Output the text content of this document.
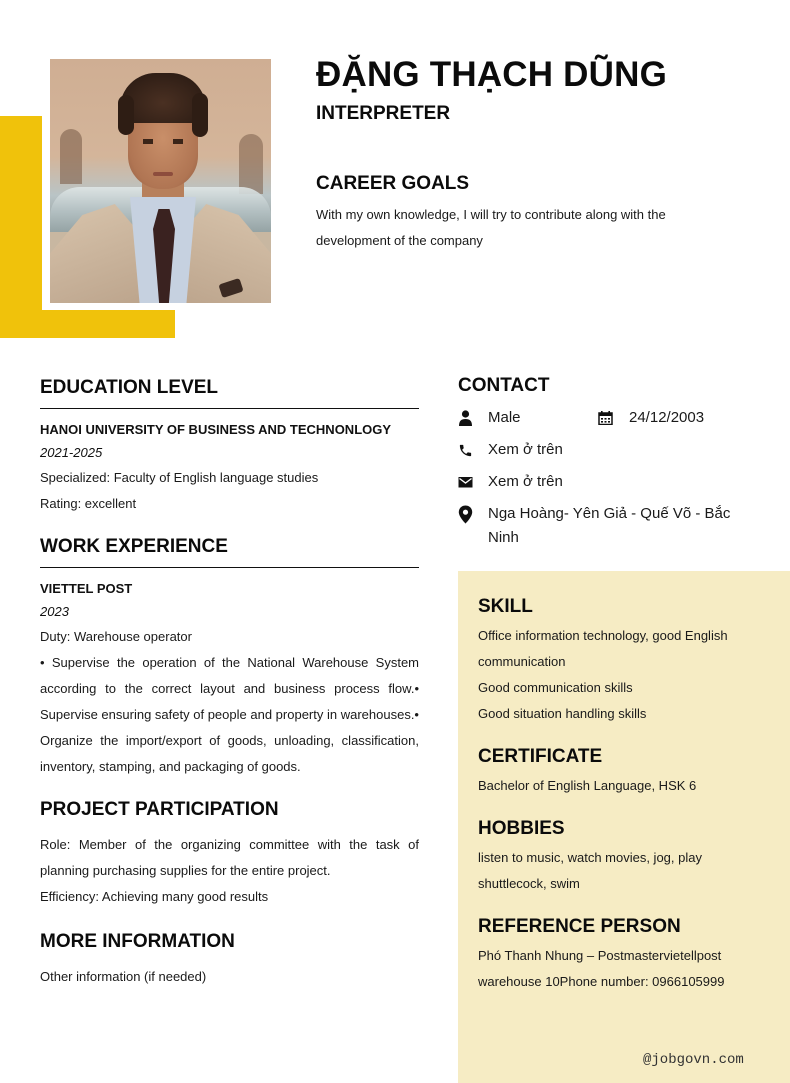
ĐẶNG THẠCH DŨNG
INTERPRETER
CAREER GOALS
With my own knowledge, I will try to contribute along with the development of the company
EDUCATION LEVEL
HANOI UNIVERSITY OF BUSINESS AND TECHNONLOGY
2021-2025
Specialized: Faculty of English language studies
Rating: excellent
WORK EXPERIENCE
VIETTEL POST
2023
Duty: Warehouse operator
• Supervise the operation of the National Warehouse System according to the correct layout and business process flow.• Supervise ensuring safety of people and property in warehouses.• Organize the import/export of goods, unloading, classification, inventory, stamping, and packaging of goods.
PROJECT PARTICIPATION
Role: Member of the organizing committee with the task of planning purchasing supplies for the entire project.
Efficiency: Achieving many good results
MORE INFORMATION
Other information (if needed)
CONTACT
Male	24/12/2003
Xem ở trên
Xem ở trên
Nga Hoàng- Yên Giả - Quế Võ - Bắc Ninh
SKILL
Office information technology, good English communication
Good communication skills
Good situation handling skills
CERTIFICATE
Bachelor of English Language, HSK 6
HOBBIES
listen to music, watch movies, jog, play shuttlecock, swim
REFERENCE PERSON
Phó Thanh Nhung – Postmastervietellpost warehouse 10Phone number: 0966105999
@jobgovn.com
